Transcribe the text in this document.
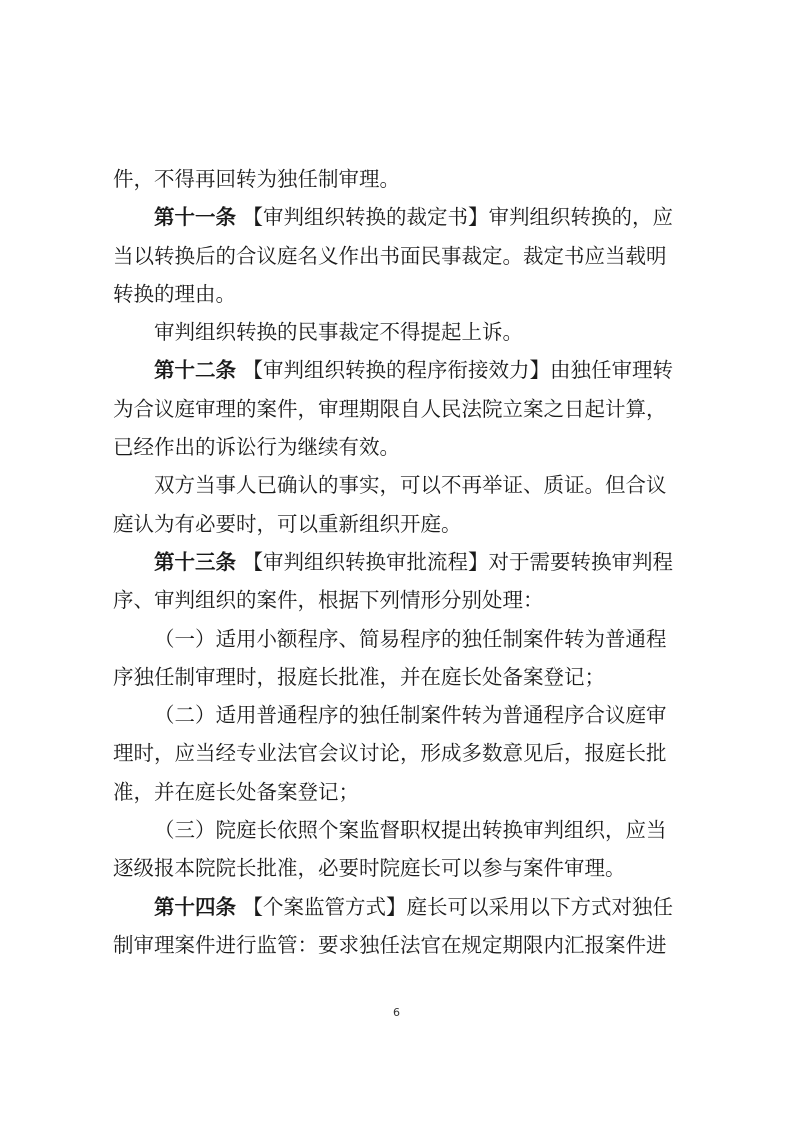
件，不得再回转为独任制审理。
第十一条 【审判组织转换的裁定书】审判组织转换的，应
当以转换后的合议庭名义作出书面民事裁定。裁定书应当载明
转换的理由。
审判组织转换的民事裁定不得提起上诉。
第十二条 【审判组织转换的程序衔接效力】由独任审理转
为合议庭审理的案件，审理期限自人民法院立案之日起计算，
已经作出的诉讼行为继续有效。
双方当事人已确认的事实，可以不再举证、质证。但合议
庭认为有必要时，可以重新组织开庭。
第十三条 【审判组织转换审批流程】对于需要转换审判程
序、审判组织的案件，根据下列情形分别处理：
（一）适用小额程序、简易程序的独任制案件转为普通程
序独任制审理时，报庭长批准，并在庭长处备案登记；
（二）适用普通程序的独任制案件转为普通程序合议庭审
理时，应当经专业法官会议讨论，形成多数意见后，报庭长批
准，并在庭长处备案登记；
（三）院庭长依照个案监督职权提出转换审判组织，应当
逐级报本院院长批准，必要时院庭长可以参与案件审理。
第十四条 【个案监管方式】庭长可以采用以下方式对独任
制审理案件进行监管：要求独任法官在规定期限内汇报案件进
6
